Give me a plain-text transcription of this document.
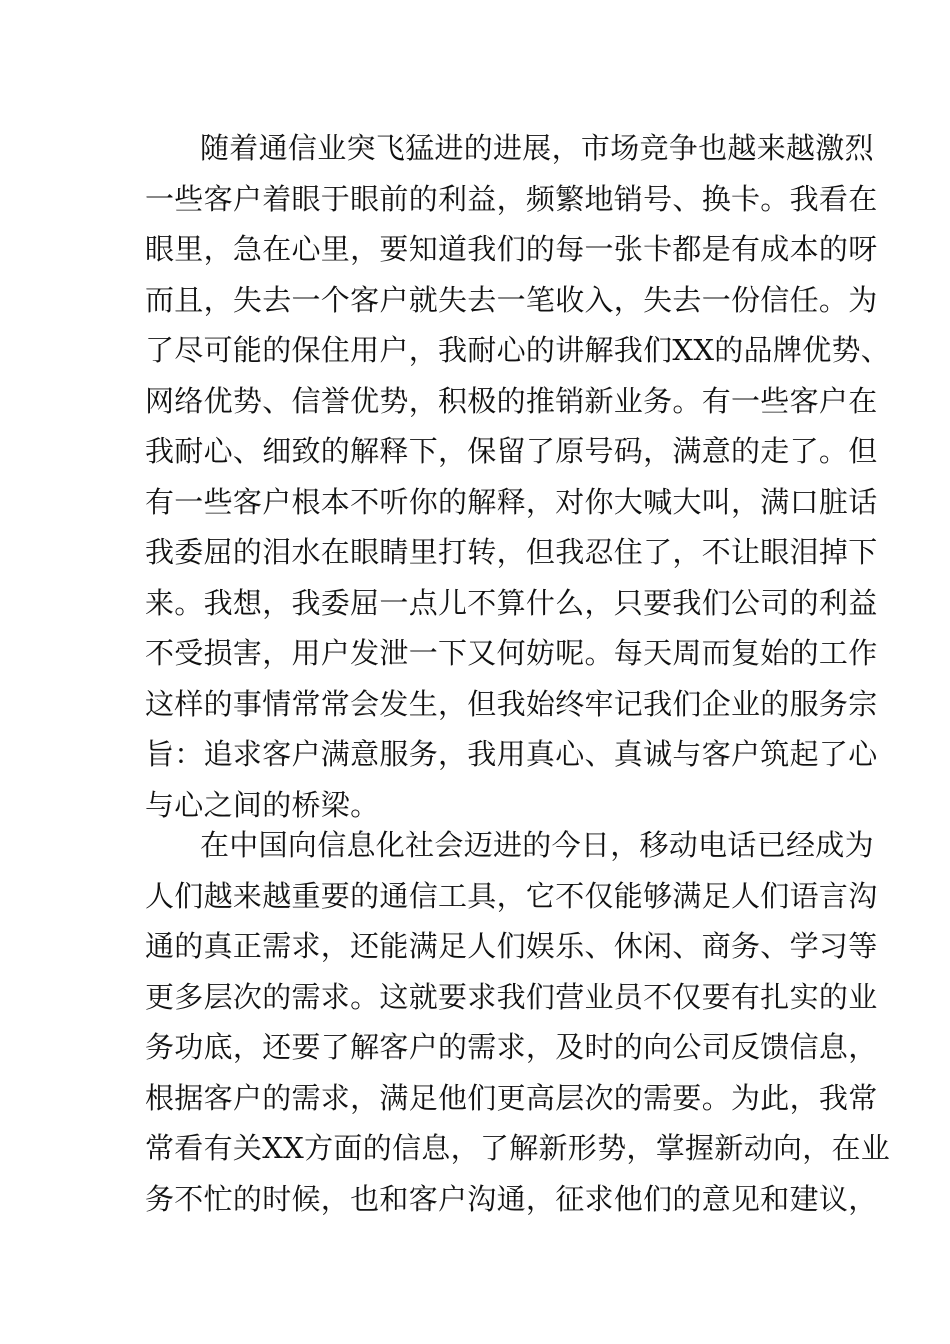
随着通信业突飞猛进的进展，市场竞争也越来越激烈
一些客户着眼于眼前的利益，频繁地销号、换卡。我看在
眼里，急在心里，要知道我们的每一张卡都是有成本的呀
而且，失去一个客户就失去一笔收入，失去一份信任。为
了尽可能的保住用户，我耐心的讲解我们XX的品牌优势、
网络优势、信誉优势，积极的推销新业务。有一些客户在
我耐心、细致的解释下，保留了原号码，满意的走了。但
有一些客户根本不听你的解释，对你大喊大叫，满口脏话
我委屈的泪水在眼睛里打转，但我忍住了，不让眼泪掉下
来。我想，我委屈一点儿不算什么，只要我们公司的利益
不受损害，用户发泄一下又何妨呢。每天周而复始的工作
这样的事情常常会发生，但我始终牢记我们企业的服务宗
旨：追求客户满意服务，我用真心、真诚与客户筑起了心
与心之间的桥梁。
在中国向信息化社会迈进的今日，移动电话已经成为
人们越来越重要的通信工具，它不仅能够满足人们语言沟
通的真正需求，还能满足人们娱乐、休闲、商务、学习等
更多层次的需求。这就要求我们营业员不仅要有扎实的业
务功底，还要了解客户的需求，及时的向公司反馈信息，
根据客户的需求，满足他们更高层次的需要。为此，我常
常看有关XX方面的信息，了解新形势，掌握新动向，在业
务不忙的时候，也和客户沟通，征求他们的意见和建议，
